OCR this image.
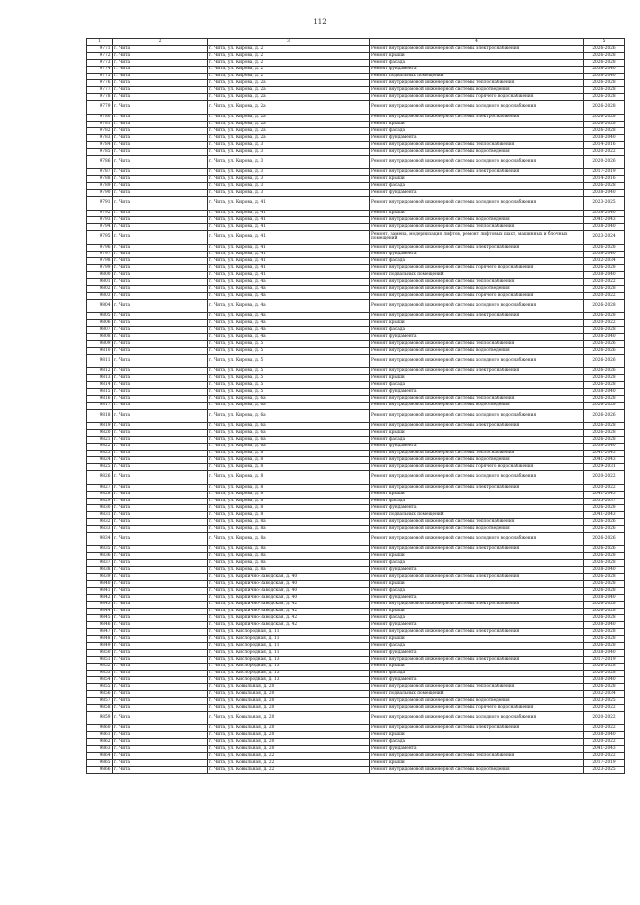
112
1	2	3	4	5
9771	г. Чита	г. Чита, ул. Кирова, д. 2	Ремонт внутридомовой инженерной системы электроснабжения	2026-2026
9772	г. Чита	г. Чита, ул. Кирова, д. 2	Ремонт крыши	2026-2028
9773	г. Чита	г. Чита, ул. Кирова, д. 2	Ремонт фасада	2026-2028
9774	г. Чита	г. Чита, ул. Кирова, д. 2	Ремонт фундамента	2038-2040
9775	г. Чита	г. Чита, ул. Кирова, д. 2	Ремонт подвальных помещений	2038-2040
9776	г. Чита	г. Чита, ул. Кирова, д. 2а	Ремонт внутридомовой инженерной системы теплоснабжения	2026-2028
9777	г. Чита	г. Чита, ул. Кирова, д. 2а	Ремонт внутридомовой инженерной системы водоотведения	2026-2028
9778	г. Чита	г. Чита, ул. Кирова, д. 2а	Ремонт внутридомовой инженерной системы горячего водоснабжения	2026-2028
9779	г. Чита	г. Чита, ул. Кирова, д. 2а	Ремонт внутридомовой инженерной системы холодного водоснабжения	2026-2028
9780	г. Чита	г. Чита, ул. Кирова, д. 2а	Ремонт внутридомовой инженерной системы электроснабжения	2026-2028
9781	г. Чита	г. Чита, ул. Кирова, д. 2а	Ремонт крыши	2026-2028
9782	г. Чита	г. Чита, ул. Кирова, д. 2а	Ремонт фасада	2026-2028
9783	г. Чита	г. Чита, ул. Кирова, д. 2а	Ремонт фундамента	2038-2040
9784	г. Чита	г. Чита, ул. Кирова, д. 3	Ремонт внутридомовой инженерной системы теплоснабжения	2014-2016
9785	г. Чита	г. Чита, ул. Кирова, д. 3	Ремонт внутридомовой инженерной системы водоотведения	2020-2022
9786	г. Чита	г. Чита, ул. Кирова, д. 3	Ремонт внутридомовой инженерной системы холодного водоснабжения	2020-2026
9787	г. Чита	г. Чита, ул. Кирова, д. 3	Ремонт внутридомовой инженерной системы электроснабжения	2017-2019
9788	г. Чита	г. Чита, ул. Кирова, д. 3	Ремонт крыши	2014-2016
9789	г. Чита	г. Чита, ул. Кирова, д. 3	Ремонт фасада	2026-2028
9790	г. Чита	г. Чита, ул. Кирова, д. 3	Ремонт фундамента	2038-2040
9791	г. Чита	г. Чита, ул. Кирова, д. 41	Ремонт внутридомовой инженерной системы холодного водоснабжения	2023-2025
9792	г. Чита	г. Чита, ул. Кирова, д. 41	Ремонт крыши	2038-2040
9793	г. Чита	г. Чита, ул. Кирова, д. 41	Ремонт внутридомовой инженерной системы водоотведения	2041-2043
9794	г. Чита	г. Чита, ул. Кирова, д. 41	Ремонт внутридомовой инженерной системы теплоснабжения	2038-2040
9795	г. Чита	г. Чита, ул. Кирова, д. 41	Ремонт, замена, модернизация лифтов, ремонт лифтовых шахт, машинных и блочных помещений	2023-2024
9796	г. Чита	г. Чита, ул. Кирова, д. 41	Ремонт внутридомовой инженерной системы электроснабжения	2026-2028
9797	г. Чита	г. Чита, ул. Кирова, д. 41	Ремонт фундамента	2038-2040
9798	г. Чита	г. Чита, ул. Кирова, д. 41	Ремонт фасада	2032-2034
9799	г. Чита	г. Чита, ул. Кирова, д. 41	Ремонт внутридомовой инженерной системы горячего водоснабжения	2026-2028
9800	г. Чита	г. Чита, ул. Кирова, д. 41	Ремонт подвальных помещений	2038-2040
9801	г. Чита	г. Чита, ул. Кирова, д. 4а	Ремонт внутридомовой инженерной системы теплоснабжения	2020-2022
9802	г. Чита	г. Чита, ул. Кирова, д. 4а	Ремонт внутридомовой инженерной системы водоотведения	2026-2028
9803	г. Чита	г. Чита, ул. Кирова, д. 4а	Ремонт внутридомовой инженерной системы горячего водоснабжения	2020-2022
9804	г. Чита	г. Чита, ул. Кирова, д. 4а	Ремонт внутридомовой инженерной системы холодного водоснабжения	2026-2028
9805	г. Чита	г. Чита, ул. Кирова, д. 4а	Ремонт внутридомовой инженерной системы электроснабжения	2026-2028
9806	г. Чита	г. Чита, ул. Кирова, д. 4а	Ремонт крыши	2020-2022
9807	г. Чита	г. Чита, ул. Кирова, д. 4а	Ремонт фасада	2026-2028
9808	г. Чита	г. Чита, ул. Кирова, д. 4а	Ремонт фундамента	2038-2040
9809	г. Чита	г. Чита, ул. Кирова, д. 5	Ремонт внутридомовой инженерной системы теплоснабжения	2026-2026
9810	г. Чита	г. Чита, ул. Кирова, д. 5	Ремонт внутридомовой инженерной системы водоотведения	2026-2026
9811	г. Чита	г. Чита, ул. Кирова, д. 5	Ремонт внутридомовой инженерной системы холодного водоснабжения	2026-2026
9812	г. Чита	г. Чита, ул. Кирова, д. 5	Ремонт внутридомовой инженерной системы электроснабжения	2026-2026
9813	г. Чита	г. Чита, ул. Кирова, д. 5	Ремонт крыши	2026-2028
9814	г. Чита	г. Чита, ул. Кирова, д. 5	Ремонт фасада	2026-2028
9815	г. Чита	г. Чита, ул. Кирова, д. 5	Ремонт фундамента	2038-2040
9816	г. Чита	г. Чита, ул. Кирова, д. 6а	Ремонт внутридомовой инженерной системы теплоснабжения	2026-2028
9817	г. Чита	г. Чита, ул. Кирова, д. 6а	Ремонт внутридомовой инженерной системы водоотведения	2026-2028
9818	г. Чита	г. Чита, ул. Кирова, д. 6а	Ремонт внутридомовой инженерной системы холодного водоснабжения	2026-2026
9819	г. Чита	г. Чита, ул. Кирова, д. 6а	Ремонт внутридомовой инженерной системы электроснабжения	2026-2028
9820	г. Чита	г. Чита, ул. Кирова, д. 6а	Ремонт крыши	2026-2028
9821	г. Чита	г. Чита, ул. Кирова, д. 6а	Ремонт фасада	2026-2028
9822	г. Чита	г. Чита, ул. Кирова, д. 6а	Ремонт фундамента	2038-2040
9823	г. Чита	г. Чита, ул. Кирова, д. 8	Ремонт внутридомовой инженерной системы теплоснабжения	2041-2043
9824	г. Чита	г. Чита, ул. Кирова, д. 8	Ремонт внутридомовой инженерной системы водоотведения	2041-2043
9825	г. Чита	г. Чита, ул. Кирова, д. 8	Ремонт внутридомовой инженерной системы горячего водоснабжения	2029-2031
9826	г. Чита	г. Чита, ул. Кирова, д. 8	Ремонт внутридомовой инженерной системы холодного водоснабжения	2020-2022
9827	г. Чита	г. Чита, ул. Кирова, д. 8	Ремонт внутридомовой инженерной системы электроснабжения	2020-2022
9828	г. Чита	г. Чита, ул. Кирова, д. 8	Ремонт крыши	2041-2043
9829	г. Чита	г. Чита, ул. Кирова, д. 8	Ремонт фасада	2035-2037
9830	г. Чита	г. Чита, ул. Кирова, д. 8	Ремонт фундамента	2026-2028
9831	г. Чита	г. Чита, ул. Кирова, д. 8	Ремонт подвальных помещений	2041-2043
9832	г. Чита	г. Чита, ул. Кирова, д. 8а	Ремонт внутридомовой инженерной системы теплоснабжения	2026-2026
9833	г. Чита	г. Чита, ул. Кирова, д. 8а	Ремонт внутридомовой инженерной системы водоотведения	2026-2026
9834	г. Чита	г. Чита, ул. Кирова, д. 8а	Ремонт внутридомовой инженерной системы холодного водоснабжения	2026-2026
9835	г. Чита	г. Чита, ул. Кирова, д. 8а	Ремонт внутридомовой инженерной системы электроснабжения	2026-2026
9836	г. Чита	г. Чита, ул. Кирова, д. 8а	Ремонт крыши	2026-2028
9837	г. Чита	г. Чита, ул. Кирова, д. 8а	Ремонт фасада	2026-2028
9838	г. Чита	г. Чита, ул. Кирова, д. 8а	Ремонт фундамента	2038-2040
9839	г. Чита	г. Чита, ул. Кирпично-Заводская, д. 40	Ремонт внутридомовой инженерной системы электроснабжения	2026-2028
9840	г. Чита	г. Чита, ул. Кирпично-Заводская, д. 40	Ремонт крыши	2026-2028
9841	г. Чита	г. Чита, ул. Кирпично-Заводская, д. 40	Ремонт фасада	2026-2028
9842	г. Чита	г. Чита, ул. Кирпично-Заводская, д. 40	Ремонт фундамента	2038-2040
9843	г. Чита	г. Чита, ул. Кирпично-Заводская, д. 42	Ремонт внутридомовой инженерной системы электроснабжения	2026-2028
9844	г. Чита	г. Чита, ул. Кирпично-Заводская, д. 42	Ремонт крыши	2026-2028
9845	г. Чита	г. Чита, ул. Кирпично-Заводская, д. 42	Ремонт фасада	2026-2028
9846	г. Чита	г. Чита, ул. Кирпично-Заводская, д. 42	Ремонт фундамента	2038-2040
9847	г. Чита	г. Чита, ул. Кислородная, д. 11	Ремонт внутридомовой инженерной системы электроснабжения	2026-2028
9848	г. Чита	г. Чита, ул. Кислородная, д. 11	Ремонт крыши	2026-2028
9849	г. Чита	г. Чита, ул. Кислородная, д. 11	Ремонт фасада	2026-2028
9850	г. Чита	г. Чита, ул. Кислородная, д. 11	Ремонт фундамента	2038-2040
9851	г. Чита	г. Чита, ул. Кислородная, д. 13	Ремонт внутридомовой инженерной системы электроснабжения	2017-2019
9852	г. Чита	г. Чита, ул. Кислородная, д. 13	Ремонт крыши	2026-2028
9853	г. Чита	г. Чита, ул. Кислородная, д. 13	Ремонт фасада	2026-2028
9854	г. Чита	г. Чита, ул. Кислородная, д. 13	Ремонт фундамента	2038-2040
9855	г. Чита	г. Чита, ул. Ковыльная, д. 20	Ремонт внутридомовой инженерной системы теплоснабжения	2026-2028
9856	г. Чита	г. Чита, ул. Ковыльная, д. 20	Ремонт подвальных помещений	2032-2034
9857	г. Чита	г. Чита, ул. Ковыльная, д. 20	Ремонт внутридомовой инженерной системы водоотведения	2023-2025
9858	г. Чита	г. Чита, ул. Ковыльная, д. 20	Ремонт внутридомовой инженерной системы горячего водоснабжения	2020-2022
9859	г. Чита	г. Чита, ул. Ковыльная, д. 20	Ремонт внутридомовой инженерной системы холодного водоснабжения	2020-2022
9860	г. Чита	г. Чита, ул. Ковыльная, д. 20	Ремонт внутридомовой инженерной системы электроснабжения	2020-2022
9861	г. Чита	г. Чита, ул. Ковыльная, д. 20	Ремонт крыши	2038-2040
9862	г. Чита	г. Чита, ул. Ковыльная, д. 20	Ремонт фасада	2020-2022
9863	г. Чита	г. Чита, ул. Ковыльная, д. 20	Ремонт фундамента	2041-2043
9864	г. Чита	г. Чита, ул. Ковыльная, д. 22	Ремонт внутридомовой инженерной системы теплоснабжения	2020-2022
9865	г. Чита	г. Чита, ул. Ковыльная, д. 22	Ремонт крыши	2017-2019
9866	г. Чита	г. Чита, ул. Ковыльная, д. 22	Ремонт внутридомовой инженерной системы водоотведения	2023-2025
